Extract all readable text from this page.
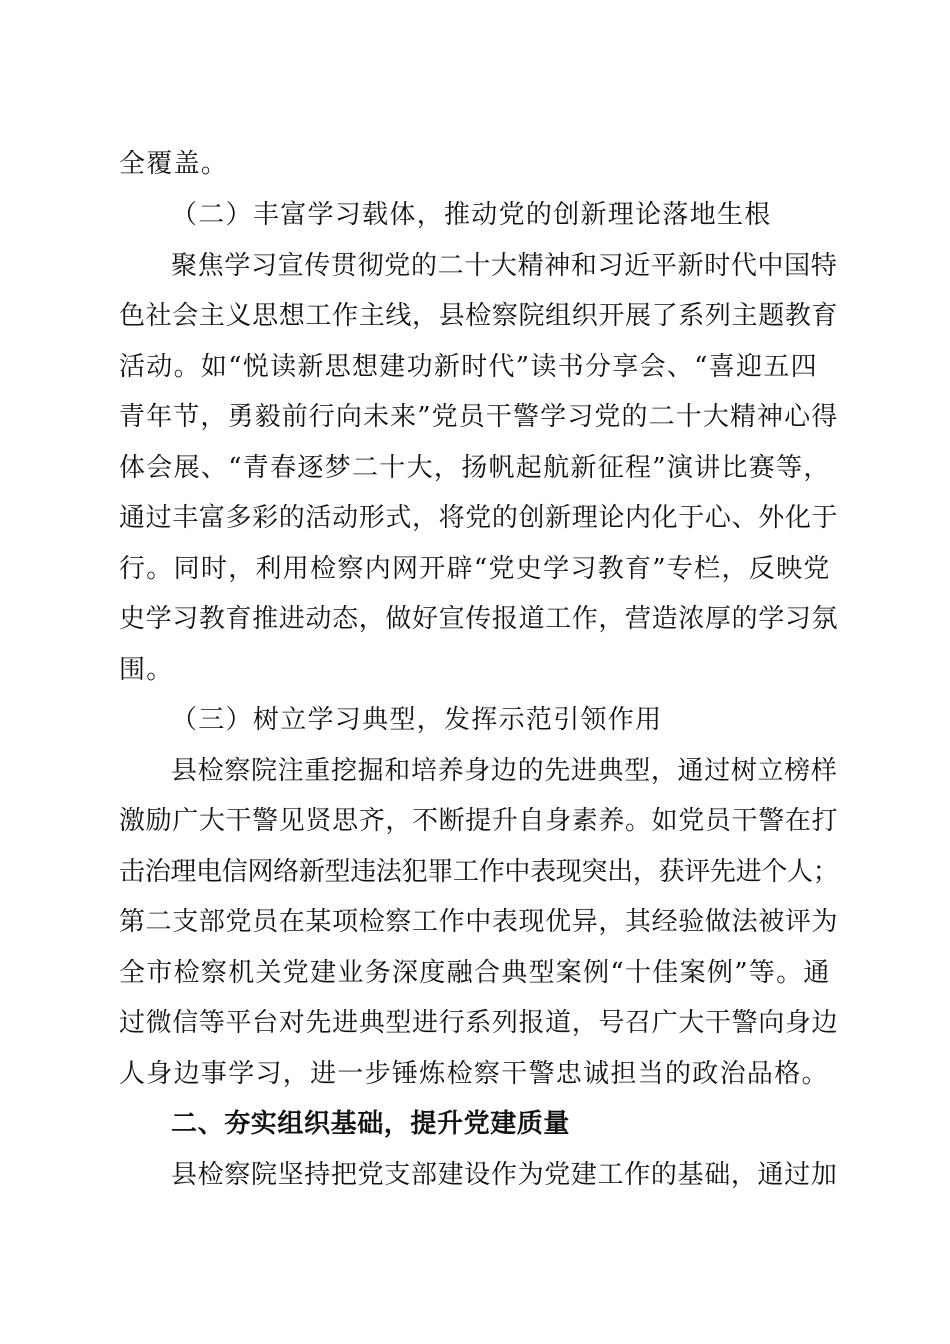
全覆盖。
（二）丰富学习载体，推动党的创新理论落地生根
聚焦学习宣传贯彻党的二十大精神和习近平新时代中国特
色社会主义思想工作主线，县检察院组织开展了系列主题教育
活动。如“悦读新思想建功新时代”读书分享会、“喜迎五四
青年节，勇毅前行向未来”党员干警学习党的二十大精神心得
体会展、“青春逐梦二十大，扬帆起航新征程”演讲比赛等，
通过丰富多彩的活动形式，将党的创新理论内化于心、外化于
行。同时，利用检察内网开辟“党史学习教育”专栏，反映党
史学习教育推进动态，做好宣传报道工作，营造浓厚的学习氛
围。
（三）树立学习典型，发挥示范引领作用
县检察院注重挖掘和培养身边的先进典型，通过树立榜样
激励广大干警见贤思齐，不断提升自身素养。如党员干警在打
击治理电信网络新型违法犯罪工作中表现突出，获评先进个人；
第二支部党员在某项检察工作中表现优异，其经验做法被评为
全市检察机关党建业务深度融合典型案例“十佳案例”等。通
过微信等平台对先进典型进行系列报道，号召广大干警向身边
人身边事学习，进一步锤炼检察干警忠诚担当的政治品格。
二、夯实组织基础，提升党建质量
县检察院坚持把党支部建设作为党建工作的基础，通过加
